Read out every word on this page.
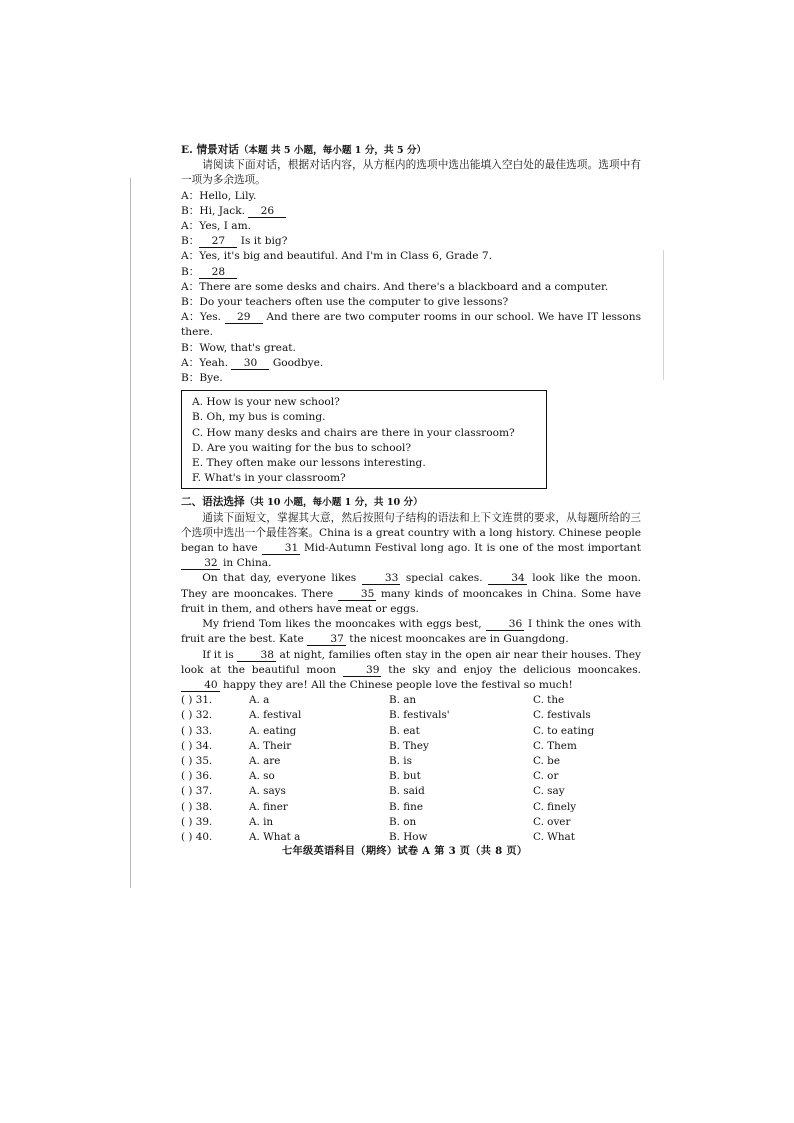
E. 情景对话（本题 共 5 小题，每小题 1 分，共 5 分）
请阅读下面对话，根据对话内容，从方框内的选项中选出能填入空白处的最佳选项。选项中有一项为多余选项。
A：Hello, Lily.
B：Hi, Jack. 26
A：Yes, I am.
B： 27 Is it big?
A：Yes, it's big and beautiful. And I'm in Class 6, Grade 7.
B： 28
A：There are some desks and chairs. And there's a blackboard and a computer.
B：Do your teachers often use the computer to give lessons?
A：Yes. 29 And there are two computer rooms in our school. We have IT lessons there.
B：Wow, that's great.
A：Yeah. 30 Goodbye.
B：Bye.
A. How is your new school?
B. Oh, my bus is coming.
C. How many desks and chairs are there in your classroom?
D. Are you waiting for the bus to school?
E. They often make our lessons interesting.
F. What's in your classroom?
二、语法选择（共 10 小题，每小题 1 分，共 10 分）
通读下面短文，掌握其大意，然后按照句子结构的语法和上下文连贯的要求，从每题所给的三个选项中选出一个最佳答案。China is a great country with a long history. Chinese people began to have	31 Mid-Autumn Festival long ago. It is one of the most important 32 in China.
On that day, everyone likes	33 special cakes.	34 look like the moon. They are mooncakes. There	35 many kinds of mooncakes in China. Some have fruit in them, and others have meat or eggs.
My friend Tom likes the mooncakes with eggs best,	36 I think the ones with fruit are the best. Kate	37 the nicest mooncakes are in Guangdong.
If it is	38 at night, families often stay in the open air near their houses. They look at the beautiful moon	39 the sky and enjoy the delicious mooncakes. 40 happy they are! All the Chinese people love the festival so much!
( ) 31.	A. a	B. an	C. the
( ) 32.	A. festival	B. festivals'	C. festivals
( ) 33.	A. eating	B. eat	C. to eating
( ) 34.	A. Their	B. They	C. Them
( ) 35.	A. are	B. is	C. be
( ) 36.	A. so	B. but	C. or
( ) 37.	A. says	B. said	C. say
( ) 38.	A. finer	B. fine	C. finely
( ) 39.	A. in	B. on	C. over
( ) 40.	A. What a	B. How	C. What
七年级英语科目（期终）试卷 A 第 3 页（共 8 页）
